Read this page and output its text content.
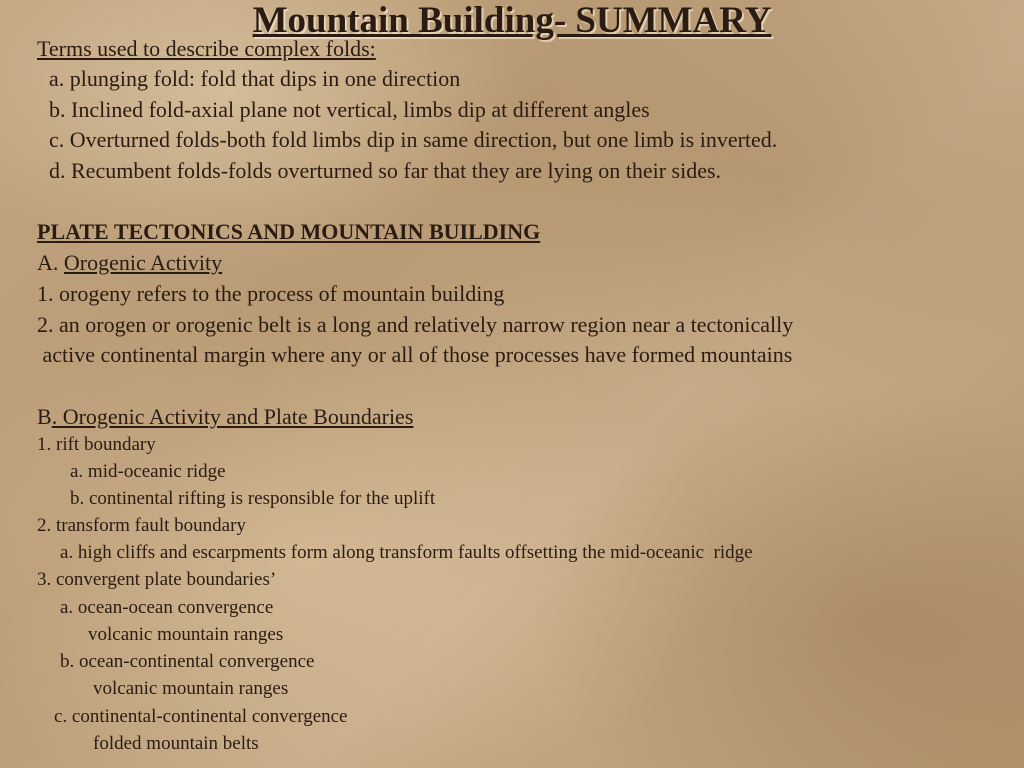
Mountain Building- SUMMARY
Terms used to describe complex folds:
a. plunging fold: fold that dips in one direction
b. Inclined fold-axial plane not vertical, limbs dip at different angles
c. Overturned folds-both fold limbs dip in same direction, but one limb is inverted.
d. Recumbent folds-folds overturned so far that they are lying on their sides.
PLATE TECTONICS AND MOUNTAIN BUILDING
A. Orogenic Activity
1. orogeny refers to the process of mountain building
2. an orogen or orogenic belt is a long and relatively narrow region near a tectonically
active continental margin where any or all of those processes have formed mountains
B. Orogenic Activity and Plate Boundaries
1. rift boundary
a. mid-oceanic ridge
b. continental rifting is responsible for the uplift
2. transform fault boundary
a. high cliffs and escarpments form along transform faults offsetting the mid-oceanic  ridge
3. convergent plate boundaries’
a. ocean-ocean convergence
volcanic mountain ranges
b. ocean-continental convergence
volcanic mountain ranges
c. continental-continental convergence
folded mountain belts
